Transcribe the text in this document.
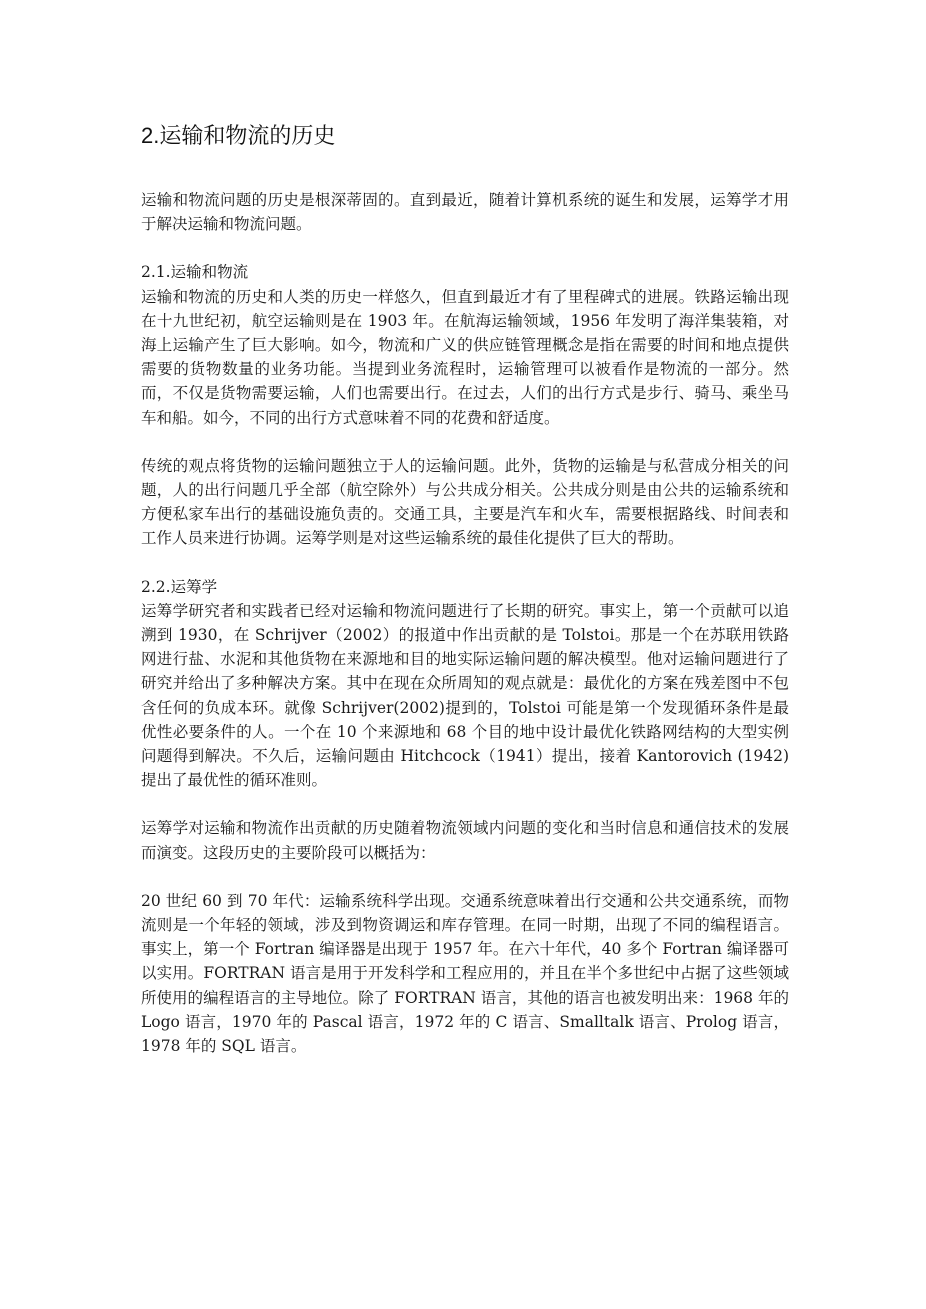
2.运输和物流的历史

运输和物流问题的历史是根深蒂固的。直到最近，随着计算机系统的诞生和发展，运筹学才用于解决运输和物流问题。

2.1.运输和物流

运输和物流的历史和人类的历史一样悠久，但直到最近才有了里程碑式的进展。铁路运输出现在十九世纪初，航空运输则是在 1903 年。在航海运输领域，1956 年发明了海洋集装箱，对海上运输产生了巨大影响。如今，物流和广义的供应链管理概念是指在需要的时间和地点提供需要的货物数量的业务功能。当提到业务流程时，运输管理可以被看作是物流的一部分。然而，不仅是货物需要运输，人们也需要出行。在过去，人们的出行方式是步行、骑马、乘坐马车和船。如今，不同的出行方式意味着不同的花费和舒适度。

传统的观点将货物的运输问题独立于人的运输问题。此外，货物的运输是与私营成分相关的问题，人的出行问题几乎全部（航空除外）与公共成分相关。公共成分则是由公共的运输系统和方便私家车出行的基础设施负责的。交通工具，主要是汽车和火车，需要根据路线、时间表和工作人员来进行协调。运筹学则是对这些运输系统的最佳化提供了巨大的帮助。

2.2.运筹学

运筹学研究者和实践者已经对运输和物流问题进行了长期的研究。事实上，第一个贡献可以追溯到 1930，在 Schrijver（2002）的报道中作出贡献的是 Tolstoi。那是一个在苏联用铁路网进行盐、水泥和其他货物在来源地和目的地实际运输问题的解决模型。他对运输问题进行了研究并给出了多种解决方案。其中在现在众所周知的观点就是：最优化的方案在残差图中不包含任何的负成本环。就像 Schrijver(2002)提到的，Tolstoi 可能是第一个发现循环条件是最优性必要条件的人。一个在 10 个来源地和 68 个目的地中设计最优化铁路网结构的大型实例问题得到解决。不久后，运输问题由 Hitchcock（1941）提出，接着 Kantorovich (1942) 提出了最优性的循环准则。

运筹学对运输和物流作出贡献的历史随着物流领域内问题的变化和当时信息和通信技术的发展而演变。这段历史的主要阶段可以概括为：

20 世纪 60 到 70 年代：运输系统科学出现。交通系统意味着出行交通和公共交通系统，而物流则是一个年轻的领域，涉及到物资调运和库存管理。在同一时期，出现了不同的编程语言。事实上，第一个 Fortran 编译器是出现于 1957 年。在六十年代，40 多个 Fortran 编译器可以实用。FORTRAN 语言是用于开发科学和工程应用的，并且在半个多世纪中占据了这些领域所使用的编程语言的主导地位。除了 FORTRAN 语言，其他的语言也被发明出来：1968 年的 Logo 语言，1970 年的 Pascal 语言，1972 年的 C 语言、Smalltalk 语言、Prolog 语言，1978 年的 SQL 语言。
